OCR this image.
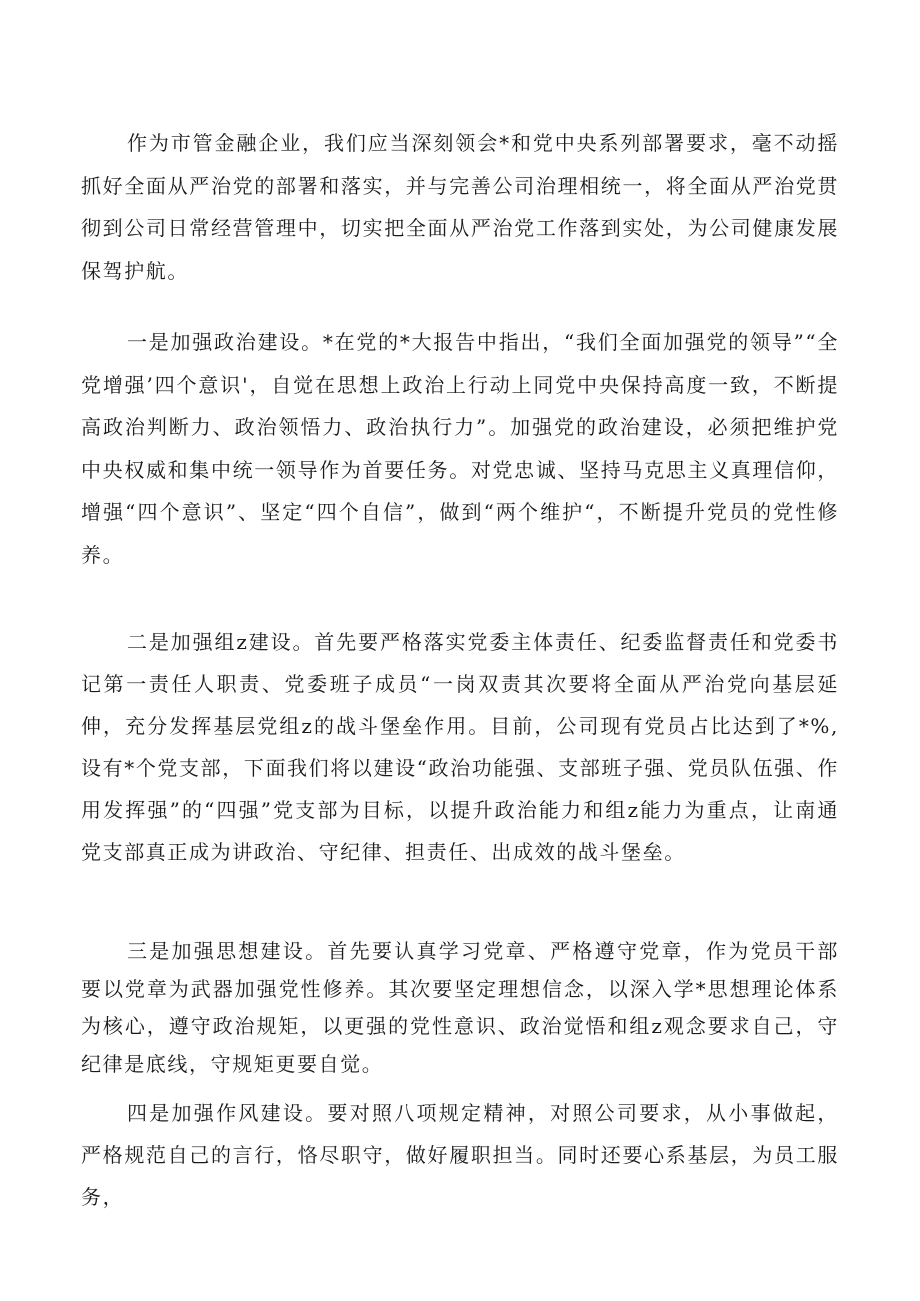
作为市管金融企业，我们应当深刻领会*和党中央系列部署要求，毫不动摇抓好全面从严治党的部署和落实，并与完善公司治理相统一，将全面从严治党贯彻到公司日常经营管理中，切实把全面从严治党工作落到实处，为公司健康发展保驾护航。

一是加强政治建设。*在党的*大报告中指出，“我们全面加强党的领导”“全党增强’四个意识'，自觉在思想上政治上行动上同党中央保持高度一致，不断提高政治判断力、政治领悟力、政治执行力”。加强党的政治建设，必须把维护党中央权威和集中统一领导作为首要任务。对党忠诚、坚持马克思主义真理信仰，增强“四个意识”、坚定“四个自信”，做到“两个维护“，不断提升党员的党性修养。

二是加强组z建设。首先要严格落实党委主体责任、纪委监督责任和党委书记第一责任人职责、党委班子成员“一岗双责其次要将全面从严治党向基层延伸，充分发挥基层党组z的战斗堡垒作用。目前，公司现有党员占比达到了*%,设有*个党支部，下面我们将以建设“政治功能强、支部班子强、党员队伍强、作用发挥强”的“四强”党支部为目标，以提升政治能力和组z能力为重点，让南通党支部真正成为讲政治、守纪律、担责任、出成效的战斗堡垒。

三是加强思想建设。首先要认真学习党章、严格遵守党章，作为党员干部要以党章为武器加强党性修养。其次要坚定理想信念，以深入学*思想理论体系为核心，遵守政治规矩，以更强的党性意识、政治觉悟和组z观念要求自己，守纪律是底线，守规矩更要自觉。

四是加强作风建设。要对照八项规定精神，对照公司要求，从小事做起，严格规范自己的言行，恪尽职守，做好履职担当。同时还要心系基层，为员工服务，
